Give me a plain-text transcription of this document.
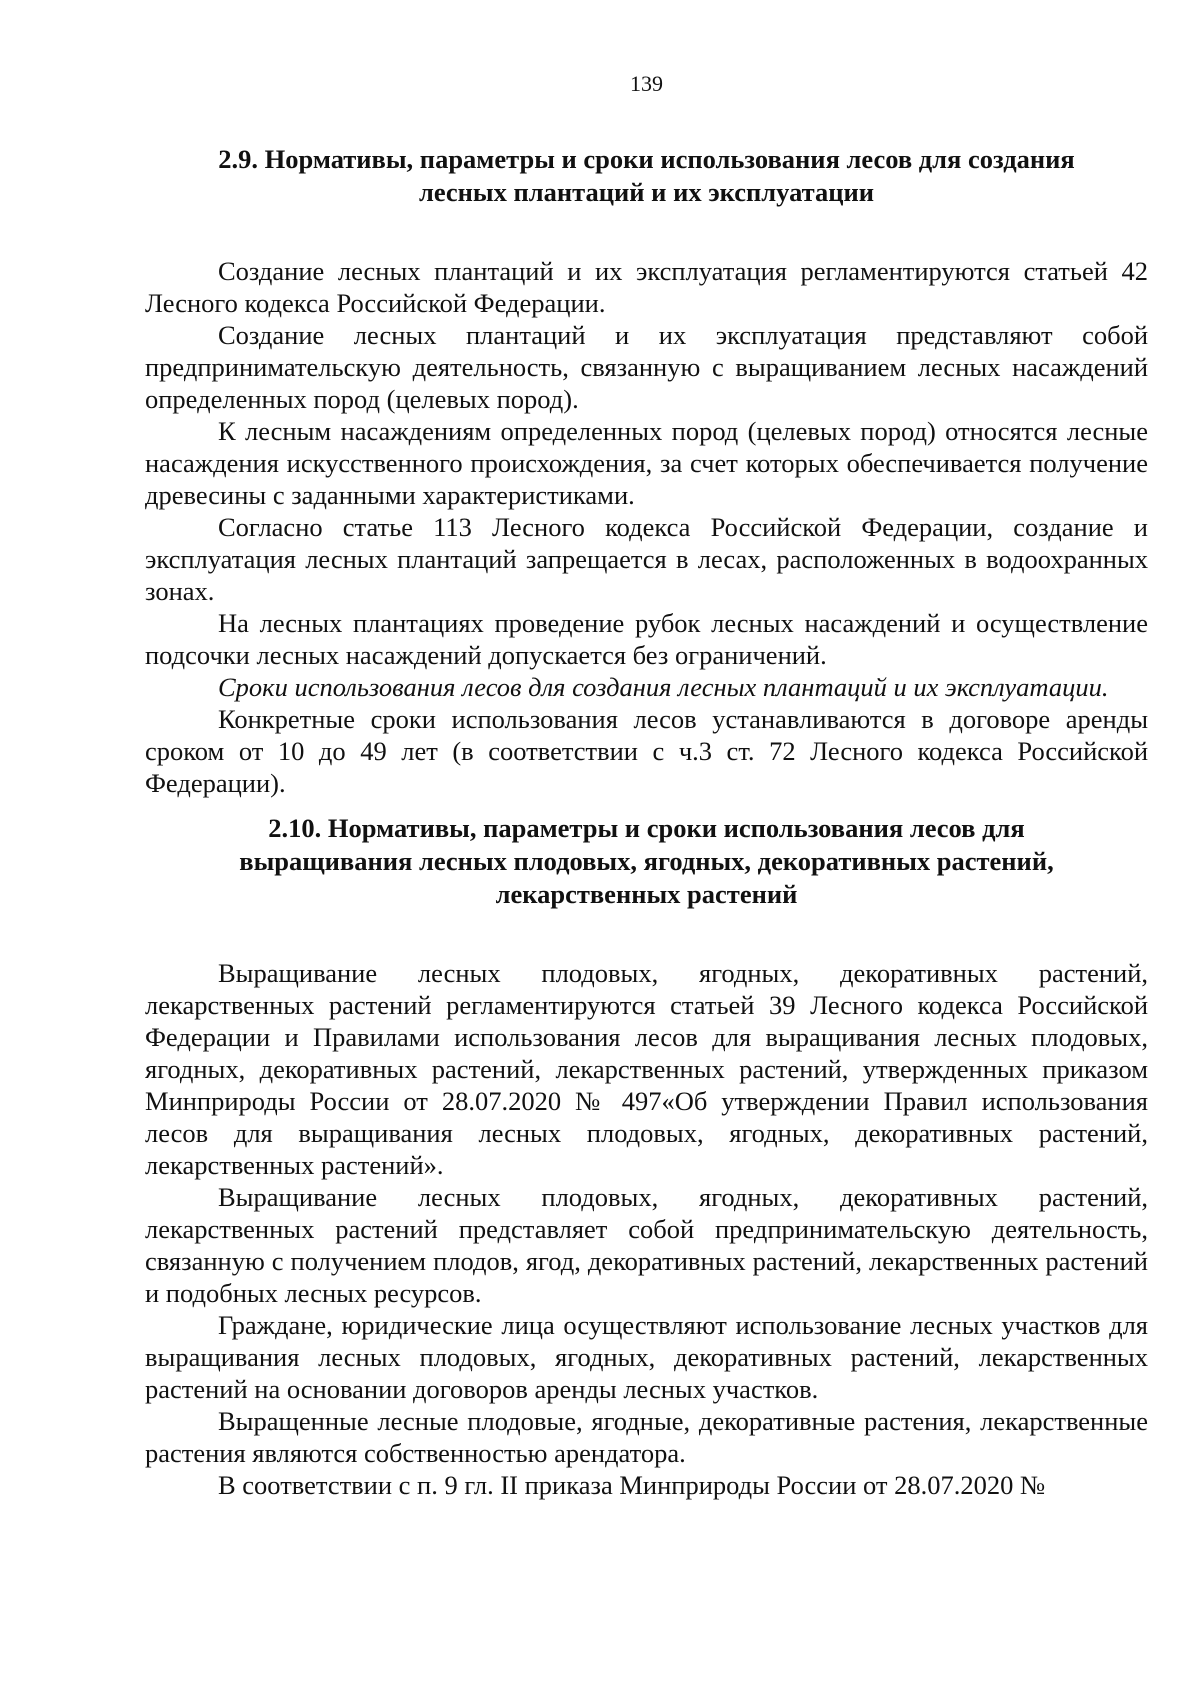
139
2.9. Нормативы, параметры и сроки использования лесов для создания
лесных плантаций и их эксплуатации

Создание лесных плантаций и их эксплуатация регламентируются статьей 42 Лесного кодекса Российской Федерации.

Создание лесных плантаций и их эксплуатация представляют собой предпринимательскую деятельность, связанную с выращиванием лесных насаждений определенных пород (целевых пород).

К лесным насаждениям определенных пород (целевых пород) относятся лесные насаждения искусственного происхождения, за счет которых обеспечивается получение древесины с заданными характеристиками.

Согласно статье 113 Лесного кодекса Российской Федерации, создание и эксплуатация лесных плантаций запрещается в лесах, расположенных в водоохранных зонах.

На лесных плантациях проведение рубок лесных насаждений и осуществление подсочки лесных насаждений допускается без ограничений.

Сроки использования лесов для создания лесных плантаций и их эксплуатации.

Конкретные сроки использования лесов устанавливаются в договоре аренды сроком от 10 до 49 лет (в соответствии с ч.3 ст. 72 Лесного кодекса Российской Федерации).

2.10. Нормативы, параметры и сроки использования лесов для
выращивания лесных плодовых, ягодных, декоративных растений,
лекарственных растений

Выращивание лесных плодовых, ягодных, декоративных растений, лекарственных растений регламентируются статьей 39 Лесного кодекса Российской Федерации и Правилами использования лесов для выращивания лесных плодовых, ягодных, декоративных растений, лекарственных растений, утвержденных приказом Минприроды России от 28.07.2020 № 497«Об утверждении Правил использования лесов для выращивания лесных плодовых, ягодных, декоративных растений, лекарственных растений».

Выращивание лесных плодовых, ягодных, декоративных растений, лекарственных растений представляет собой предпринимательскую деятельность, связанную с получением плодов, ягод, декоративных растений, лекарственных растений и подобных лесных ресурсов.

Граждане, юридические лица осуществляют использование лесных участков для выращивания лесных плодовых, ягодных, декоративных растений, лекарственных растений на основании договоров аренды лесных участков.

Выращенные лесные плодовые, ягодные, декоративные растения, лекарственные растения являются собственностью арендатора.

В соответствии с п. 9 гл. II приказа Минприроды России от 28.07.2020 №
